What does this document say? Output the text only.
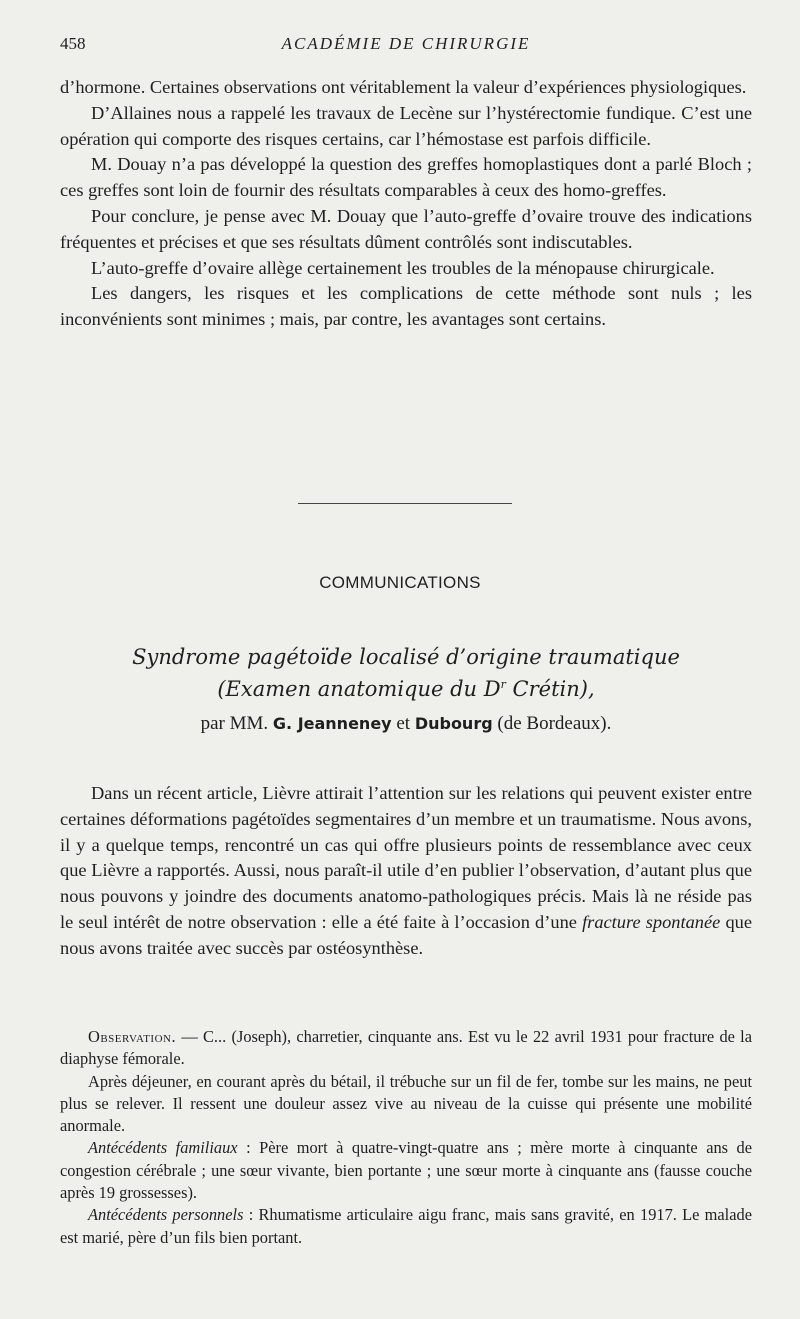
458	ACADÉMIE DE CHIRURGIE

d’hormone. Certaines observations ont véritablement la valeur d’expériences physiologiques.

D’Allaines nous a rappelé les travaux de Lecène sur l’hystérectomie fundique. C’est une opération qui comporte des risques certains, car l’hémostase est parfois difficile.

M. Douay n’a pas développé la question des greffes homoplastiques dont a parlé Bloch ; ces greffes sont loin de fournir des résultats comparables à ceux des homo-greffes.

Pour conclure, je pense avec M. Douay que l’auto-greffe d’ovaire trouve des indications fréquentes et précises et que ses résultats dûment contrôlés sont indiscutables.

L’auto-greffe d’ovaire allège certainement les troubles de la ménopause chirurgicale.

Les dangers, les risques et les complications de cette méthode sont nuls ; les inconvénients sont minimes ; mais, par contre, les avantages sont certains.

COMMUNICATIONS
Syndrome pagétoïde localisé d’origine traumatique
(Examen anatomique du $D^r$ Crétin),
par MM. G. Jeanneney et Dubourg (de Bordeaux).

Dans un récent article, Lièvre attirait l’attention sur les relations qui peuvent exister entre certaines déformations pagétoïdes segmentaires d’un membre et un traumatisme. Nous avons, il y a quelque temps, rencontré un cas qui offre plusieurs points de ressemblance avec ceux que Lièvre a rapportés. Aussi, nous paraît-il utile d’en publier l’observation, d’autant plus que nous pouvons y joindre des documents anatomo-pathologiques précis. Mais là ne réside pas le seul intérêt de notre observation : elle a été faite à l’occasion d’une fracture spontanée que nous avons traitée avec succès par ostéosynthèse.

Observation. — C... (Joseph), charretier, cinquante ans. Est vu le 22 avril 1931 pour fracture de la diaphyse fémorale.

Après déjeuner, en courant après du bétail, il trébuche sur un fil de fer, tombe sur les mains, ne peut plus se relever. Il ressent une douleur assez vive au niveau de la cuisse qui présente une mobilité anormale.

Antécédents familiaux : Père mort à quatre-vingt-quatre ans ; mère morte à cinquante ans de congestion cérébrale ; une sœur vivante, bien portante ; une sœur morte à cinquante ans (fausse couche après 19 grossesses).

Antécédents personnels : Rhumatisme articulaire aigu franc, mais sans gravité, en 1917. Le malade est marié, père d’un fils bien portant.
